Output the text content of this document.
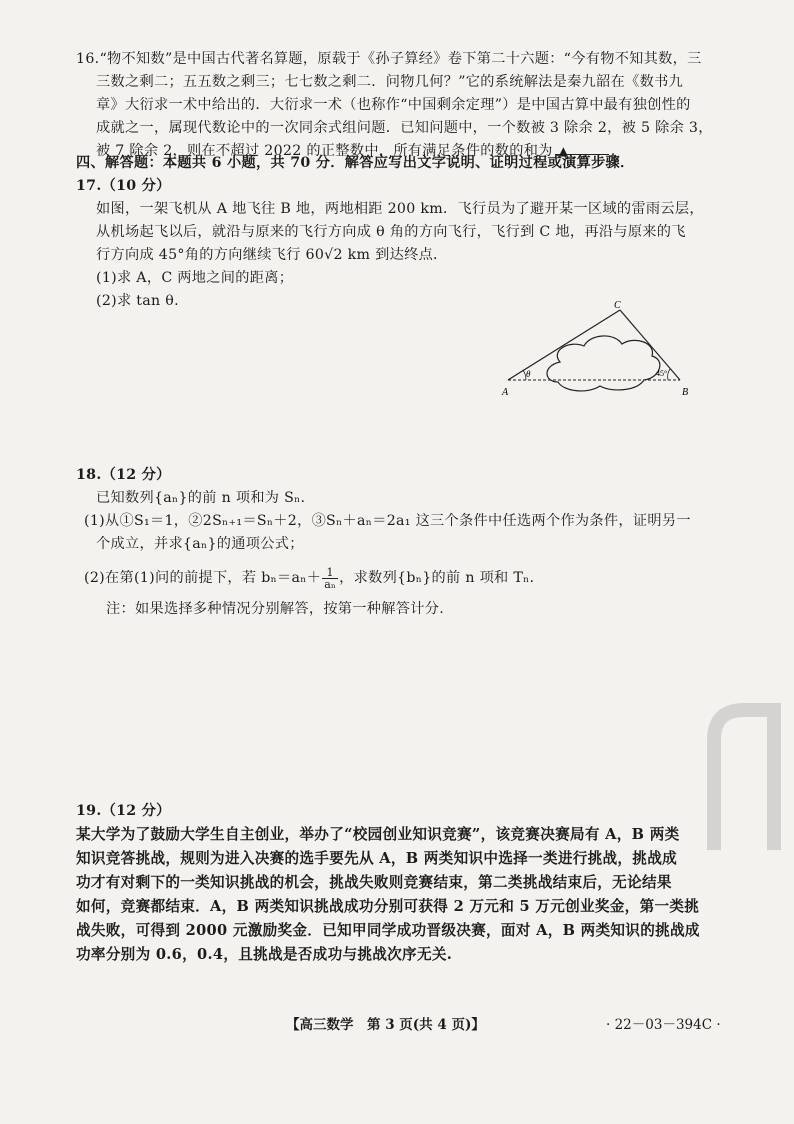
16.“物不知数”是中国古代著名算题，原载于《孙子算经》卷下第二十六题：“今有物不知其数，三
三数之剩二；五五数之剩三；七七数之剩二．问物几何？”它的系统解法是秦九韶在《数书九
章》大衍求一术中给出的．大衍求一术（也称作“中国剩余定理”）是中国古算中最有独创性的
成就之一，属现代数论中的一次同余式组问题．已知问题中，一个数被 3 除余 2，被 5 除余 3，
被 7 除余 2，则在不超过 2022 的正整数中，所有满足条件的数的和为 ▲	.
四、解答题：本题共 6 小题，共 70 分．解答应写出文字说明、证明过程或演算步骤．
17.（10 分）
如图，一架飞机从 A 地飞往 B 地，两地相距 200 km．飞行员为了避开某一区域的雷雨云层，
从机场起飞以后，就沿与原来的飞行方向成 θ 角的方向飞行，飞行到 C 地，再沿与原来的飞
行方向成 45°角的方向继续飞行 60√2 km 到达终点．
(1)求 A，C 两地之间的距离；
(2)求 tan θ.
A	B
C
θ	45°
18.（12 分）
已知数列{aₙ}的前 n 项和为 Sₙ.
(1)从①S₁＝1，②2Sₙ₊₁＝Sₙ＋2，③Sₙ＋aₙ＝2a₁ 这三个条件中任选两个作为条件，证明另一
个成立，并求{aₙ}的通项公式；
(2)在第(1)问的前提下，若 $b_n=a_n+ \frac{1}{\text{aₙ}}$ ，求数列{bₙ}的前 n 项和 Tₙ.
注：如果选择多种情况分别解答，按第一种解答计分.
19.（12 分）
某大学为了鼓励大学生自主创业，举办了“校园创业知识竞赛”，该竞赛决赛局有 A，B 两类
知识竞答挑战，规则为进入决赛的选手要先从 A，B 两类知识中选择一类进行挑战，挑战成
功才有对剩下的一类知识挑战的机会，挑战失败则竞赛结束，第二类挑战结束后，无论结果
如何，竞赛都结束．A，B 两类知识挑战成功分别可获得 2 万元和 5 万元创业奖金，第一类挑
战失败，可得到 2000 元激励奖金．已知甲同学成功晋级决赛，面对 A，B 两类知识的挑战成
功率分别为 0.6，0.4，且挑战是否成功与挑战次序无关.
【高三数学　第 3 页(共 4 页)】	· 22－03－394C ·
